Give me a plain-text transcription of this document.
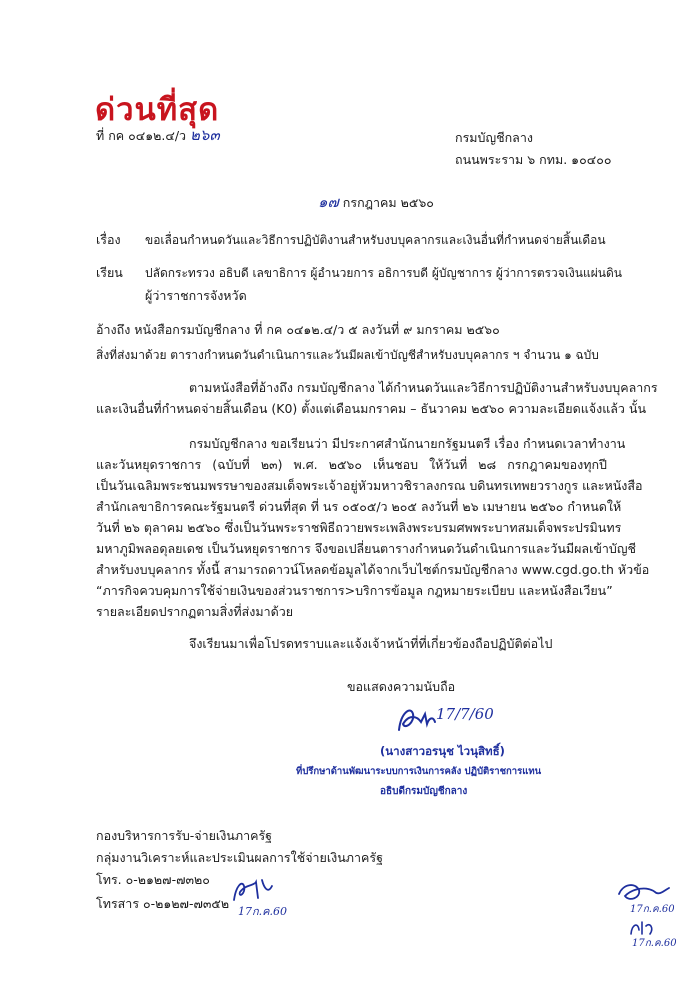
ด่วนที่สุด
ที่ กค ๐๔๑๒.๔/ว ๒๖๓	กรมบัญชีกลาง
ถนนพระราม ๖ กทม. ๑๐๔๐๐
๑๗ กรกฎาคม ๒๕๖๐
เรื่อง ขอเลื่อนกำหนดวันและวิธีการปฏิบัติงานสำหรับงบบุคลากรและเงินอื่นที่กำหนดจ่ายสิ้นเดือน
เรียน ปลัดกระทรวง อธิบดี เลขาธิการ ผู้อำนวยการ อธิการบดี ผู้บัญชาการ ผู้ว่าการตรวจเงินแผ่นดิน
ผู้ว่าราชการจังหวัด
อ้างถึง หนังสือกรมบัญชีกลาง ที่ กค ๐๔๑๒.๔/ว ๕ ลงวันที่ ๙ มกราคม ๒๕๖๐
สิ่งที่ส่งมาด้วย ตารางกำหนดวันดำเนินการและวันมีผลเข้าบัญชีสำหรับงบบุคลากร ฯ จำนวน ๑ ฉบับ
ตามหนังสือที่อ้างถึง กรมบัญชีกลาง ได้กำหนดวันและวิธีการปฏิบัติงานสำหรับงบบุคลากร
และเงินอื่นที่กำหนดจ่ายสิ้นเดือน (K0) ตั้งแต่เดือนมกราคม – ธันวาคม ๒๕๖๐ ความละเอียดแจ้งแล้ว นั้น
กรมบัญชีกลาง ขอเรียนว่า มีประกาศสำนักนายกรัฐมนตรี เรื่อง กำหนดเวลาทำงาน
และวันหยุดราชการ (ฉบับที่ ๒๓) พ.ศ. ๒๕๖๐ เห็นชอบ ให้วันที่ ๒๘ กรกฎาคมของทุกปี
เป็นวันเฉลิมพระชนมพรรษาของสมเด็จพระเจ้าอยู่หัวมหาวชิราลงกรณ บดินทรเทพยวรางกูร และหนังสือ
สำนักเลขาธิการคณะรัฐมนตรี ด่วนที่สุด ที่ นร ๐๕๐๕/ว ๒๐๕ ลงวันที่ ๒๖ เมษายน ๒๕๖๐ กำหนดให้
วันที่ ๒๖ ตุลาคม ๒๕๖๐ ซึ่งเป็นวันพระราชพิธีถวายพระเพลิงพระบรมศพพระบาทสมเด็จพระปรมินทร
มหาภูมิพลอดุลยเดช เป็นวันหยุดราชการ จึงขอเปลี่ยนตารางกำหนดวันดำเนินการและวันมีผลเข้าบัญชี
สำหรับงบบุคลากร ทั้งนี้ สามารถดาวน์โหลดข้อมูลได้จากเว็บไซต์กรมบัญชีกลาง www.cgd.go.th หัวข้อ
“ภารกิจควบคุมการใช้จ่ายเงินของส่วนราชการ>บริการข้อมูล กฎหมายระเบียบ และหนังสือเวียน”
รายละเอียดปรากฏตามสิ่งที่ส่งมาด้วย
จึงเรียนมาเพื่อโปรดทราบและแจ้งเจ้าหน้าที่ที่เกี่ยวข้องถือปฏิบัติต่อไป
ขอแสดงความนับถือ
17/7/60
(นางสาวอรนุช ไวนุสิทธิ์)
ที่ปรึกษาด้านพัฒนาระบบการเงินการคลัง ปฏิบัติราชการแทน
อธิบดีกรมบัญชีกลาง
กองบริหารการรับ-จ่ายเงินภาครัฐ
กลุ่มงานวิเคราะห์และประเมินผลการใช้จ่ายเงินภาครัฐ
โทร. ๐-๒๑๒๗-๗๓๒๐
โทรสาร ๐-๒๑๒๗-๗๓๕๒
17ก.ค.60	17ก.ค.60
17ก.ค.60
